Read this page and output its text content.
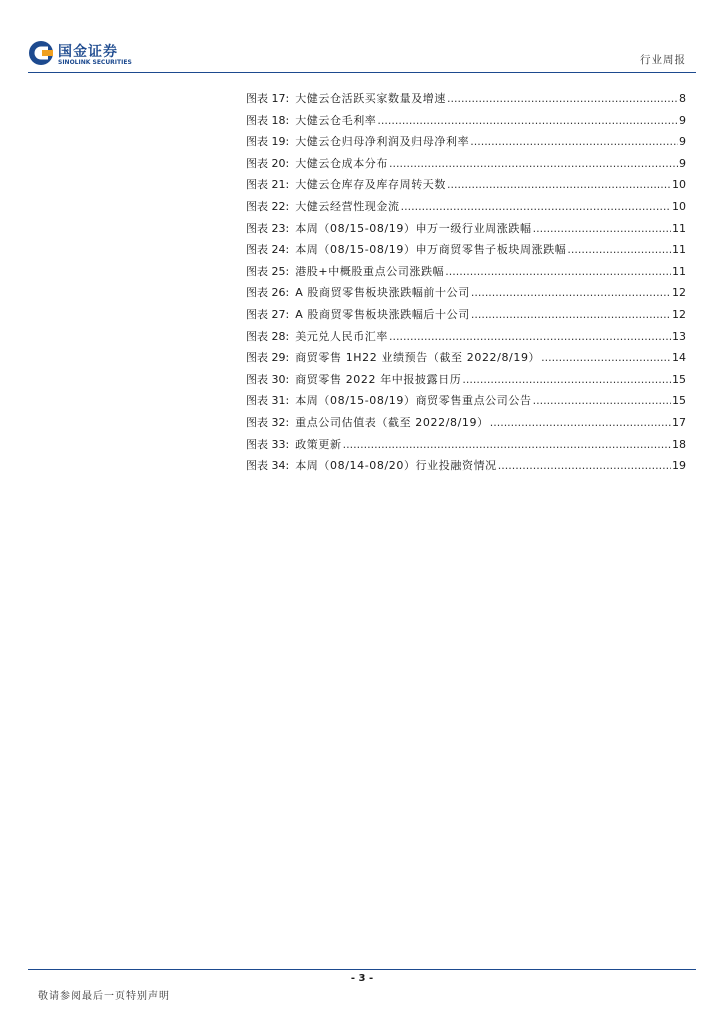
国金证券
SINOLINK SECURITIES	行业周报
图表 17: 大健云仓活跃买家数量及增速 .....	8
图表 18: 大健云仓毛利率 .....	9
图表 19: 大健云仓归母净利润及归母净利率 .....	9
图表 20: 大健云仓成本分布 .....	9
图表 21: 大健云仓库存及库存周转天数 .....	10
图表 22: 大健云经营性现金流 .....	10
图表 23: 本周（08/15-08/19）申万一级行业周涨跌幅 .....	11
图表 24: 本周（08/15-08/19）申万商贸零售子板块周涨跌幅 .....	11
图表 25: 港股+中概股重点公司涨跌幅 .....	11
图表 26: A 股商贸零售板块涨跌幅前十公司 .....	12
图表 27: A 股商贸零售板块涨跌幅后十公司 .....	12
图表 28: 美元兑人民币汇率 .....	13
图表 29: 商贸零售 1H22 业绩预告（截至 2022/8/19） .....	14
图表 30: 商贸零售 2022 年中报披露日历 .....	15
图表 31: 本周（08/15-08/19）商贸零售重点公司公告 .....	15
图表 32: 重点公司估值表（截至 2022/8/19） .....	17
图表 33: 政策更新 .....	18
图表 34: 本周（08/14-08/20）行业投融资情况 .....	19
- 3 -
敬请参阅最后一页特别声明
